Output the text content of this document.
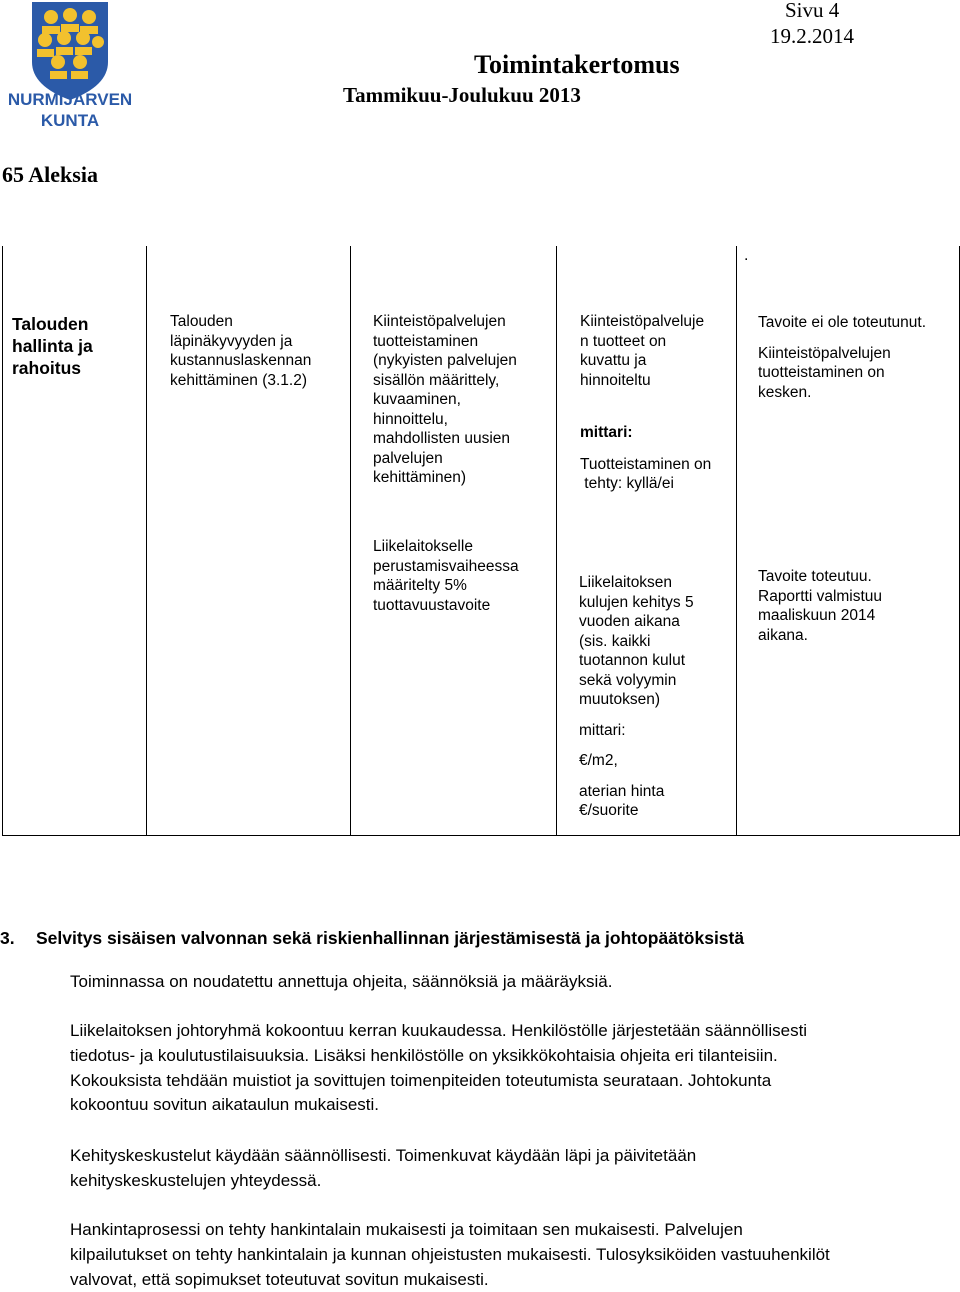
NURMIJÄRVEN
KUNTA
Sivu 4
19.2.2014
Toimintakertomus
Tammikuu-Joulukuu 2013
65 Aleksia
.

Talouden

hallinta ja

rahoitus

Talouden

läpinäkyvyyden ja

kustannuslaskennan

kehittäminen (3.1.2)

Kiinteistöpalvelujen

tuotteistaminen

(nykyisten palvelujen

sisällön määrittely,

kuvaaminen,

hinnoittelu,

mahdollisten uusien

palvelujen

kehittäminen)

Kiinteistöpalveluje

n tuotteet on

kuvattu ja

hinnoiteltu

mittari:

Tuotteistaminen on

tehty: kyllä/ei

Tavoite ei ole toteutunut.

Kiinteistöpalvelujen

tuotteistaminen on

kesken.

Liikelaitokselle

perustamisvaiheessa

määritelty 5%

tuottavuustavoite

Liikelaitoksen

kulujen kehitys 5

vuoden aikana

(sis. kaikki

tuotannon kulut

sekä volyymin

muutoksen)

mittari:

€/m2,

aterian hinta

€/suorite

Tavoite toteutuu.

Raportti valmistuu

maaliskuun 2014

aikana.

3. Selvitys sisäisen valvonnan sekä riskienhallinnan järjestämisestä ja johtopäätöksistä

Toiminnassa on noudatettu annettuja ohjeita, säännöksiä ja määräyksiä.

Liikelaitoksen johtoryhmä kokoontuu kerran kuukaudessa. Henkilöstölle järjestetään säännöllisesti

tiedotus- ja koulutustilaisuuksia. Lisäksi henkilöstölle on yksikkökohtaisia ohjeita eri tilanteisiin.

Kokouksista tehdään muistiot ja sovittujen toimenpiteiden toteutumista seurataan. Johtokunta

kokoontuu sovitun aikataulun mukaisesti.

Kehityskeskustelut käydään säännöllisesti. Toimenkuvat käydään läpi ja päivitetään

kehityskeskustelujen yhteydessä.

Hankintaprosessi on tehty hankintalain mukaisesti ja toimitaan sen mukaisesti. Palvelujen

kilpailutukset on tehty hankintalain ja kunnan ohjeistusten mukaisesti. Tulosyksiköiden vastuuhenkilöt

valvovat, että sopimukset toteutuvat sovitun mukaisesti.
